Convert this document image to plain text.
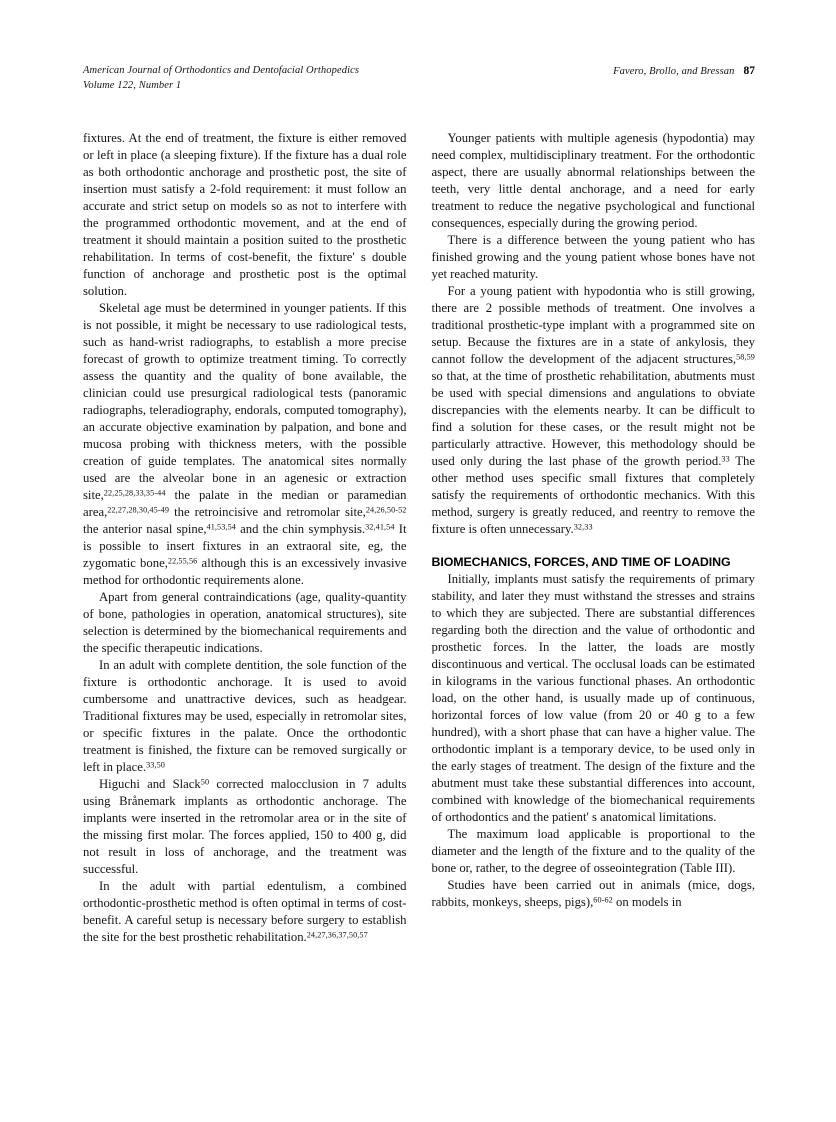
American Journal of Orthodontics and Dentofacial Orthopedics
Volume 122, Number 1
Favero, Brollo, and Bressan 87

fixtures. At the end of treatment, the fixture is either removed or left in place (a sleeping fixture). If the fixture has a dual role as both orthodontic anchorage and prosthetic post, the site of insertion must satisfy a 2-fold requirement: it must follow an accurate and strict setup on models so as not to interfere with the programmed orthodontic movement, and at the end of treatment it should maintain a position suited to the prosthetic rehabilitation. In terms of cost-benefit, the fixture' s double function of anchorage and prosthetic post is the optimal solution.

Skeletal age must be determined in younger patients. If this is not possible, it might be necessary to use radiological tests, such as hand-wrist radiographs, to establish a more precise forecast of growth to optimize treatment timing. To correctly assess the quantity and the quality of bone available, the clinician could use presurgical radiological tests (panoramic radiographs, teleradiography, endorals, computed tomography), an accurate objective examination by palpation, and bone and mucosa probing with thickness meters, with the possible creation of guide templates. The anatomical sites normally used are the alveolar bone in an agenesic or extraction site,$^{22,25,28,33,35-44}$ the palate in the median or paramedian area,$^{22,27,28,30,45-49}$ the retroincisive and retromolar site,$^{24,26,50-52}$ the anterior nasal spine,$^{41,53,54}$ and the chin symphysis.$^{32,41,54}$ It is possible to insert fixtures in an extraoral site, eg, the zygomatic bone,$^{22,55,56}$ although this is an excessively invasive method for orthodontic requirements alone.

Apart from general contraindications (age, quality-quantity of bone, pathologies in operation, anatomical structures), site selection is determined by the biomechanical requirements and the specific therapeutic indications.

In an adult with complete dentition, the sole function of the fixture is orthodontic anchorage. It is used to avoid cumbersome and unattractive devices, such as headgear. Traditional fixtures may be used, especially in retromolar sites, or specific fixtures in the palate. Once the orthodontic treatment is finished, the fixture can be removed surgically or left in place.$^{33,50}$

Higuchi and Slack$^{50}$ corrected malocclusion in 7 adults using Brånemark implants as orthodontic anchorage. The implants were inserted in the retromolar area or in the site of the missing first molar. The forces applied, 150 to 400 g, did not result in loss of anchorage, and the treatment was successful.

In the adult with partial edentulism, a combined orthodontic-prosthetic method is often optimal in terms of cost-benefit. A careful setup is necessary before surgery to establish the site for the best prosthetic rehabilitation.$^{24,27,36,37,50,57}$

Younger patients with multiple agenesis (hypodontia) may need complex, multidisciplinary treatment. For the orthodontic aspect, there are usually abnormal relationships between the teeth, very little dental anchorage, and a need for early treatment to reduce the negative psychological and functional consequences, especially during the growing period.

There is a difference between the young patient who has finished growing and the young patient whose bones have not yet reached maturity.

For a young patient with hypodontia who is still growing, there are 2 possible methods of treatment. One involves a traditional prosthetic-type implant with a programmed site on setup. Because the fixtures are in a state of ankylosis, they cannot follow the development of the adjacent structures,$^{58,59}$ so that, at the time of prosthetic rehabilitation, abutments must be used with special dimensions and angulations to obviate discrepancies with the elements nearby. It can be difficult to find a solution for these cases, or the result might not be particularly attractive. However, this methodology should be used only during the last phase of the growth period.$^{33}$ The other method uses specific small fixtures that completely satisfy the requirements of orthodontic mechanics. With this method, surgery is greatly reduced, and reentry to remove the fixture is often unnecessary.$^{32,33}$

BIOMECHANICS, FORCES, AND TIME OF LOADING

Initially, implants must satisfy the requirements of primary stability, and later they must withstand the stresses and strains to which they are subjected. There are substantial differences regarding both the direction and the value of orthodontic and prosthetic forces. In the latter, the loads are mostly discontinuous and vertical. The occlusal loads can be estimated in kilograms in the various functional phases. An orthodontic load, on the other hand, is usually made up of continuous, horizontal forces of low value (from 20 or 40 g to a few hundred), with a short phase that can have a higher value. The orthodontic implant is a temporary device, to be used only in the early stages of treatment. The design of the fixture and the abutment must take these substantial differences into account, combined with knowledge of the biomechanical requirements of orthodontics and the patient' s anatomical limitations.

The maximum load applicable is proportional to the diameter and the length of the fixture and to the quality of the bone or, rather, to the degree of osseointegration (Table III).

Studies have been carried out in animals (mice, dogs, rabbits, monkeys, sheeps, pigs),$^{60-62}$ on models in
